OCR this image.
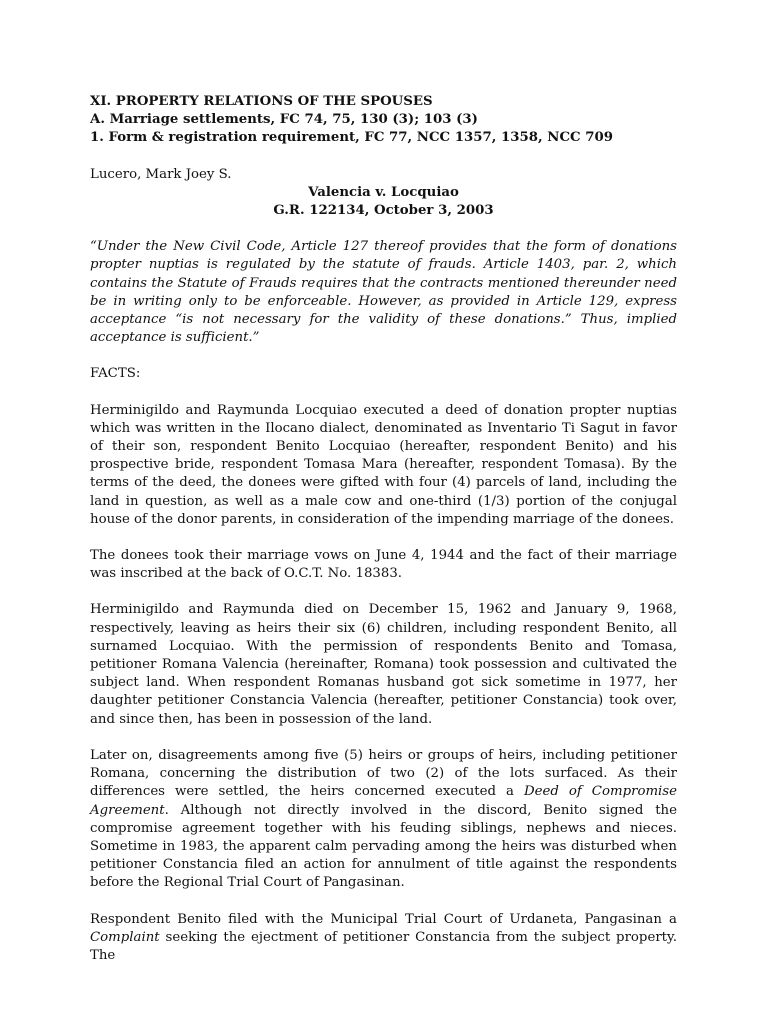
XI. PROPERTY RELATIONS OF THE SPOUSES

A. Marriage settlements, FC 74, 75, 130 (3); 103 (3)

1. Form & registration requirement, FC 77, NCC 1357, 1358, NCC 709

Lucero, Mark Joey S.

Valencia v. Locquiao

G.R. 122134, October 3, 2003

“Under the New Civil Code, Article 127 thereof provides that the form of donations propter nuptias is regulated by the statute of frauds. Article 1403, par. 2, which contains the Statute of Frauds requires that the contracts mentioned thereunder need be in writing only to be enforceable. However, as provided in Article 129, express acceptance “is not necessary for the validity of these donations.” Thus, implied acceptance is sufficient.”

FACTS:

Herminigildo and Raymunda Locquiao executed a deed of donation propter nuptias which was written in the Ilocano dialect, denominated as Inventario Ti Sagut in favor of their son, respondent Benito Locquiao (hereafter, respondent Benito) and his prospective bride, respondent Tomasa Mara (hereafter, respondent Tomasa). By the terms of the deed, the donees were gifted with four (4) parcels of land, including the land in question, as well as a male cow and one-third (1/3) portion of the conjugal house of the donor parents, in consideration of the impending marriage of the donees.

The donees took their marriage vows on June 4, 1944 and the fact of their marriage was inscribed at the back of O.C.T. No. 18383.

Herminigildo and Raymunda died on December 15, 1962 and January 9, 1968, respectively, leaving as heirs their six (6) children, including respondent Benito, all surnamed Locquiao. With the permission of respondents Benito and Tomasa, petitioner Romana Valencia (hereinafter, Romana) took possession and cultivated the subject land. When respondent Romanas husband got sick sometime in 1977, her daughter petitioner Constancia Valencia (hereafter, petitioner Constancia) took over, and since then, has been in possession of the land.

Later on, disagreements among five (5) heirs or groups of heirs, including petitioner Romana, concerning the distribution of two (2) of the lots surfaced. As their differences were settled, the heirs concerned executed a Deed of Compromise Agreement. Although not directly involved in the discord, Benito signed the compromise agreement together with his feuding siblings, nephews and nieces. Sometime in 1983, the apparent calm pervading among the heirs was disturbed when petitioner Constancia filed an action for annulment of title against the respondents before the Regional Trial Court of Pangasinan.

Respondent Benito filed with the Municipal Trial Court of Urdaneta, Pangasinan a Complaint seeking the ejectment of petitioner Constancia from the subject property. The
